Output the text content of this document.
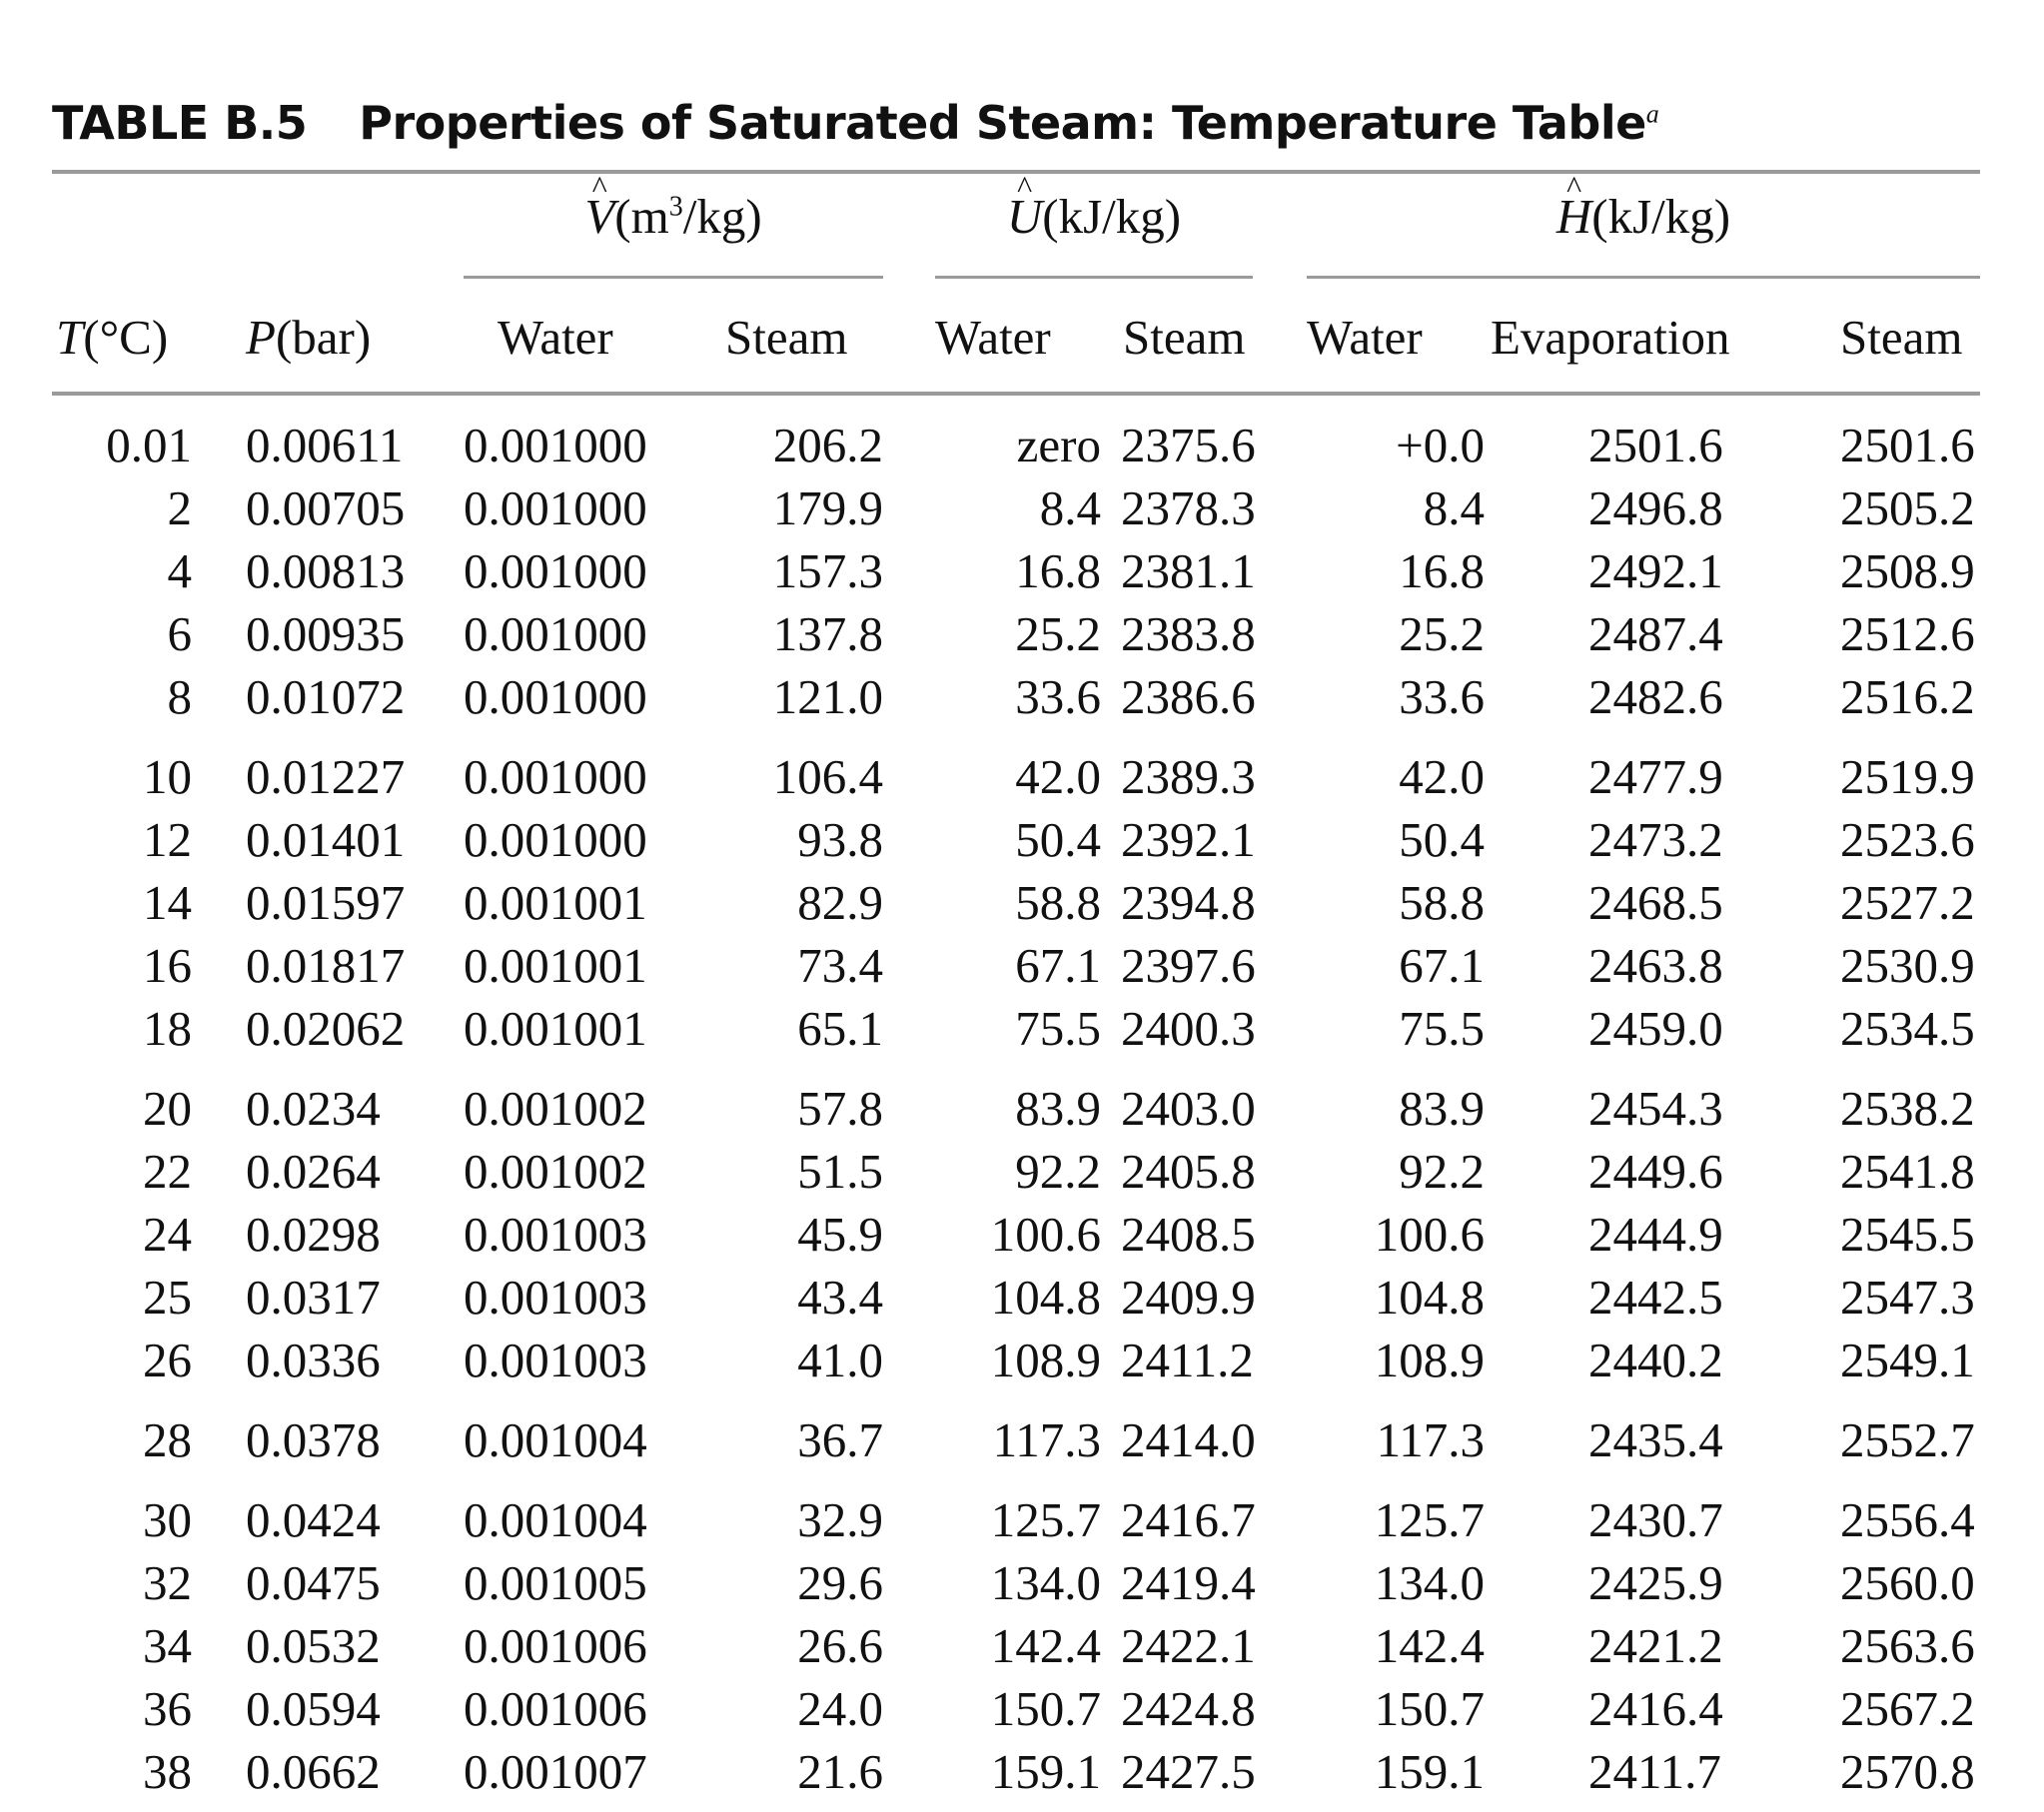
TABLE B.5 Properties of Saturated Steam: Temperature Table$^a$
^ $V(m^3/kg)$	^ U(kJ/kg)	^ H(kJ/kg)
T(°C) P(bar)	Water Steam Water Steam Water Evaporation Steam
0.01 0.00611	0.001000	206.2	zero 2375.6	+0.0 2501.6	2501.6
2 0.00705	0.001000	179.9	8.4 2378.3	8.4 2496.8	2505.2
4 0.00813	0.001000	157.3	16.8 2381.1	16.8 2492.1	2508.9
6 0.00935	0.001000	137.8	25.2 2383.8	25.2 2487.4	2512.6
8 0.01072	0.001000	121.0	33.6 2386.6	33.6 2482.6	2516.2
10 0.01227	0.001000	106.4	42.0 2389.3	42.0 2477.9	2519.9
12 0.01401	0.001000	93.8	50.4 2392.1	50.4 2473.2	2523.6
14 0.01597	0.001001	82.9	58.8 2394.8	58.8 2468.5	2527.2
16 0.01817	0.001001	73.4	67.1 2397.6	67.1 2463.8	2530.9
18 0.02062	0.001001	65.1	75.5 2400.3	75.5 2459.0	2534.5
20 0.0234	0.001002	57.8	83.9 2403.0	83.9 2454.3	2538.2
22 0.0264	0.001002	51.5	92.2 2405.8	92.2 2449.6	2541.8
24 0.0298	0.001003	45.9	100.6 2408.5	100.6 2444.9	2545.5
25 0.0317	0.001003	43.4	104.8 2409.9	104.8 2442.5	2547.3
26 0.0336	0.001003	41.0	108.9 2411.2	108.9 2440.2	2549.1
28 0.0378	0.001004	36.7	117.3 2414.0	117.3 2435.4	2552.7
30 0.0424	0.001004	32.9	125.7 2416.7	125.7 2430.7	2556.4
32 0.0475	0.001005	29.6	134.0 2419.4	134.0 2425.9	2560.0
34 0.0532	0.001006	26.6	142.4 2422.1	142.4 2421.2	2563.6
36 0.0594	0.001006	24.0	150.7 2424.8	150.7 2416.4	2567.2
38 0.0662	0.001007	21.6	159.1 2427.5	159.1 2411.7	2570.8
